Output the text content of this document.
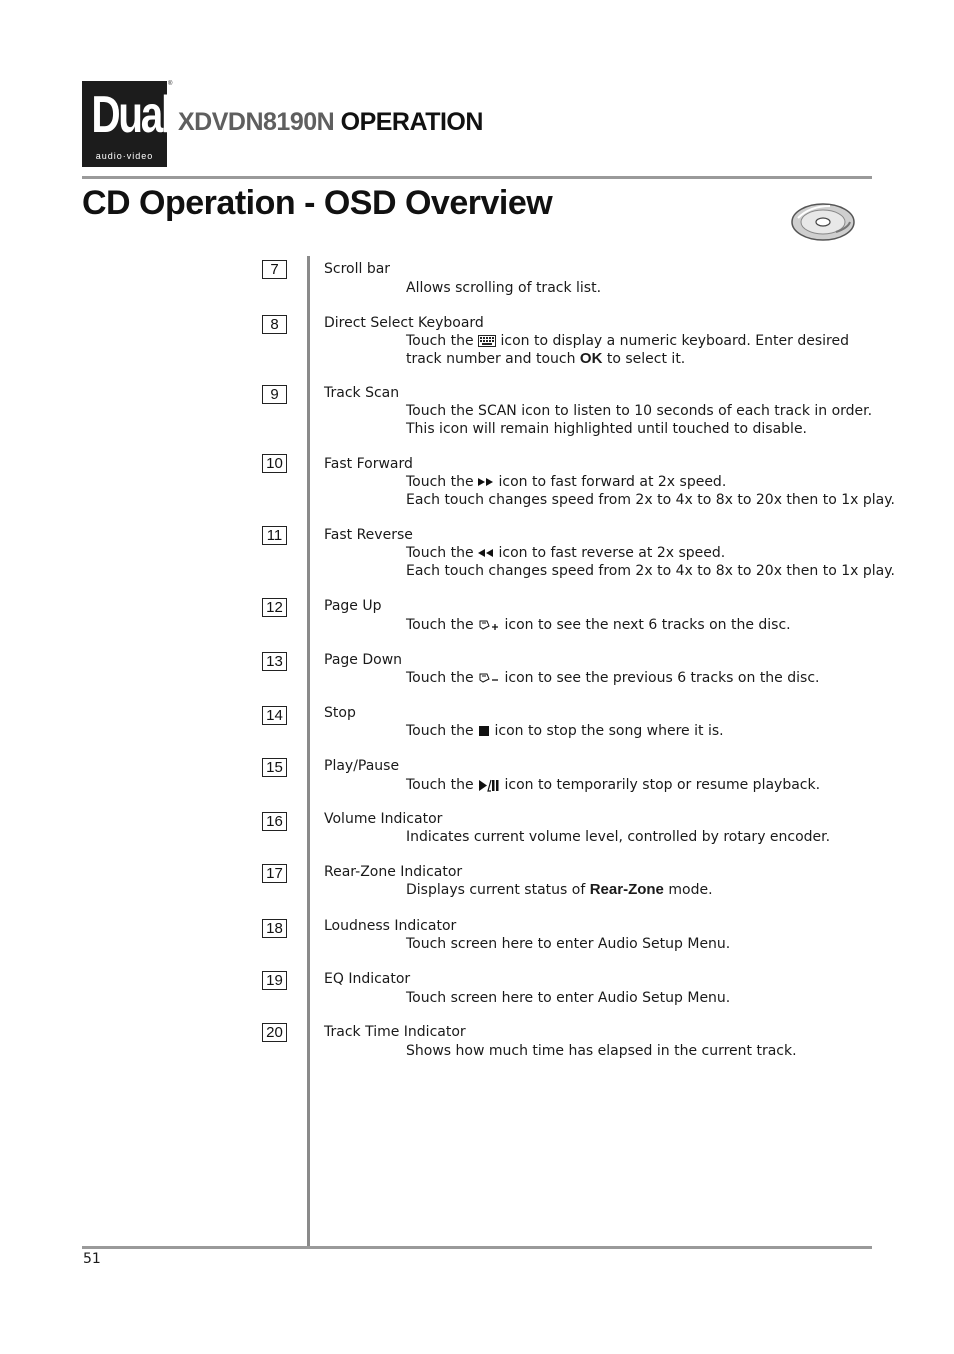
Dual
audio·video
®
XDVDN8190N OPERATION
CD Operation - OSD Overview
7	Scroll bar
Allows scrolling of track list.
8	Direct Select Keyboard
Touch the icon to display a numeric keyboard. Enter desired
track number and touch OK to select it.
9	Track Scan
Touch the SCAN icon to listen to 10 seconds of each track in order.
This icon will remain highlighted until touched to disable.
10	Fast Forward
Touch the icon to fast forward at 2x speed.
Each touch changes speed from 2x to 4x to 8x to 20x then to 1x play.
11	Fast Reverse
Touch the icon to fast reverse at 2x speed.
Each touch changes speed from 2x to 4x to 8x to 20x then to 1x play.
12	Page Up
Touch the icon to see the next 6 tracks on the disc.
13	Page Down
Touch the icon to see the previous 6 tracks on the disc.
14	Stop
Touch the icon to stop the song where it is.
15	Play/Pause
Touch the icon to temporarily stop or resume playback.
16	Volume Indicator
Indicates current volume level, controlled by rotary encoder.
17	Rear-Zone Indicator
Displays current status of Rear-Zone mode.
18	Loudness Indicator
Touch screen here to enter Audio Setup Menu.
19	EQ Indicator
Touch screen here to enter Audio Setup Menu.
20	Track Time Indicator
Shows how much time has elapsed in the current track.
51
